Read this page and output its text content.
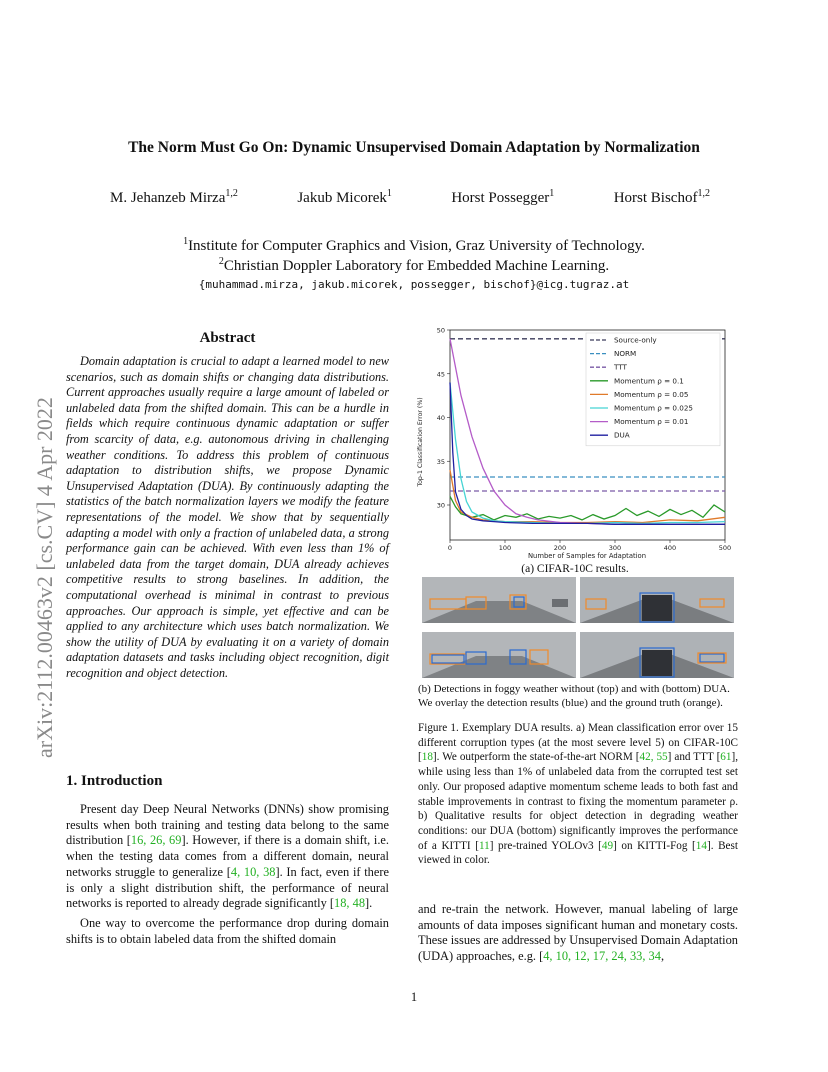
arXiv:2112.00463v2 [cs.CV] 4 Apr 2022
The Norm Must Go On: Dynamic Unsupervised Domain Adaptation by Normalization
M. Jehanzeb Mirza$^{1,2}$	Jakub Micorek$^1$	Horst Possegger$^1$	Horst Bischof$^{1,2}$
$^1$Institute for Computer Graphics and Vision, Graz University of Technology.
$^2$Christian Doppler Laboratory for Embedded Machine Learning.
{muhammad.mirza, jakub.micorek, possegger, bischof}@icg.tugraz.at
Abstract

Domain adaptation is crucial to adapt a learned model to new scenarios, such as domain shifts or changing data distributions. Current approaches usually require a large amount of labeled or unlabeled data from the shifted domain. This can be a hurdle in fields which require continuous dynamic adaptation or suffer from scarcity of data, e.g. autonomous driving in challenging weather conditions. To address this problem of continuous adaptation to distribution shifts, we propose Dynamic Unsupervised Adaptation (DUA). By continuously adapting the statistics of the batch normalization layers we modify the feature representations of the model. We show that by sequentially adapting a model with only a fraction of unlabeled data, a strong performance gain can be achieved. With even less than 1% of unlabeled data from the target domain, DUA already achieves competitive results to strong baselines. In addition, the computational overhead is minimal in contrast to previous approaches. Our approach is simple, yet effective and can be applied to any architecture which uses batch normalization. We show the utility of DUA by evaluating it on a variety of domain adaptation datasets and tasks including object recognition, digit recognition and object detection.

1. Introduction

Present day Deep Neural Networks (DNNs) show promising results when both training and testing data belong to the same distribution [16, 26, 69]. However, if there is a domain shift, i.e. when the testing data comes from a different domain, neural networks struggle to generalize [4, 10, 38]. In fact, even if there is only a slight distribution shift, the performance of neural networks is reported to already degrade significantly [18, 48].

One way to overcome the performance drop during domain shifts is to obtain labeled data from the shifted domain

30
35
40
45
50
0	100	200	300	400	500
Source-only
NORM
TTT
Momentum ρ = 0.1
Momentum ρ = 0.05
Momentum ρ = 0.025
Momentum ρ = 0.01
DUA
Number of Samples for Adaptation
Top-1 Classification Error (%)
(a) CIFAR-10C results.
(b) Detections in foggy weather without (top) and with (bottom) DUA. We overlay the detection results (blue) and the ground truth (orange).
Figure 1. Exemplary DUA results. a) Mean classification error over 15 different corruption types (at the most severe level 5) on CIFAR-10C [18]. We outperform the state-of-the-art NORM [42, 55] and TTT [61], while using less than 1% of unlabeled data from the corrupted test set only. Our proposed adaptive momentum scheme leads to both fast and stable improvements in contrast to fixing the momentum parameter ρ. b) Qualitative results for object detection in degrading weather conditions: our DUA (bottom) significantly improves the performance of a KITTI [11] pre-trained YOLOv3 [49] on KITTI-Fog [14]. Best viewed in color.
and re-train the network. However, manual labeling of large amounts of data imposes significant human and monetary costs. These issues are addressed by Unsupervised Domain Adaptation (UDA) approaches, e.g. [4, 10, 12, 17, 24, 33, 34,
1
